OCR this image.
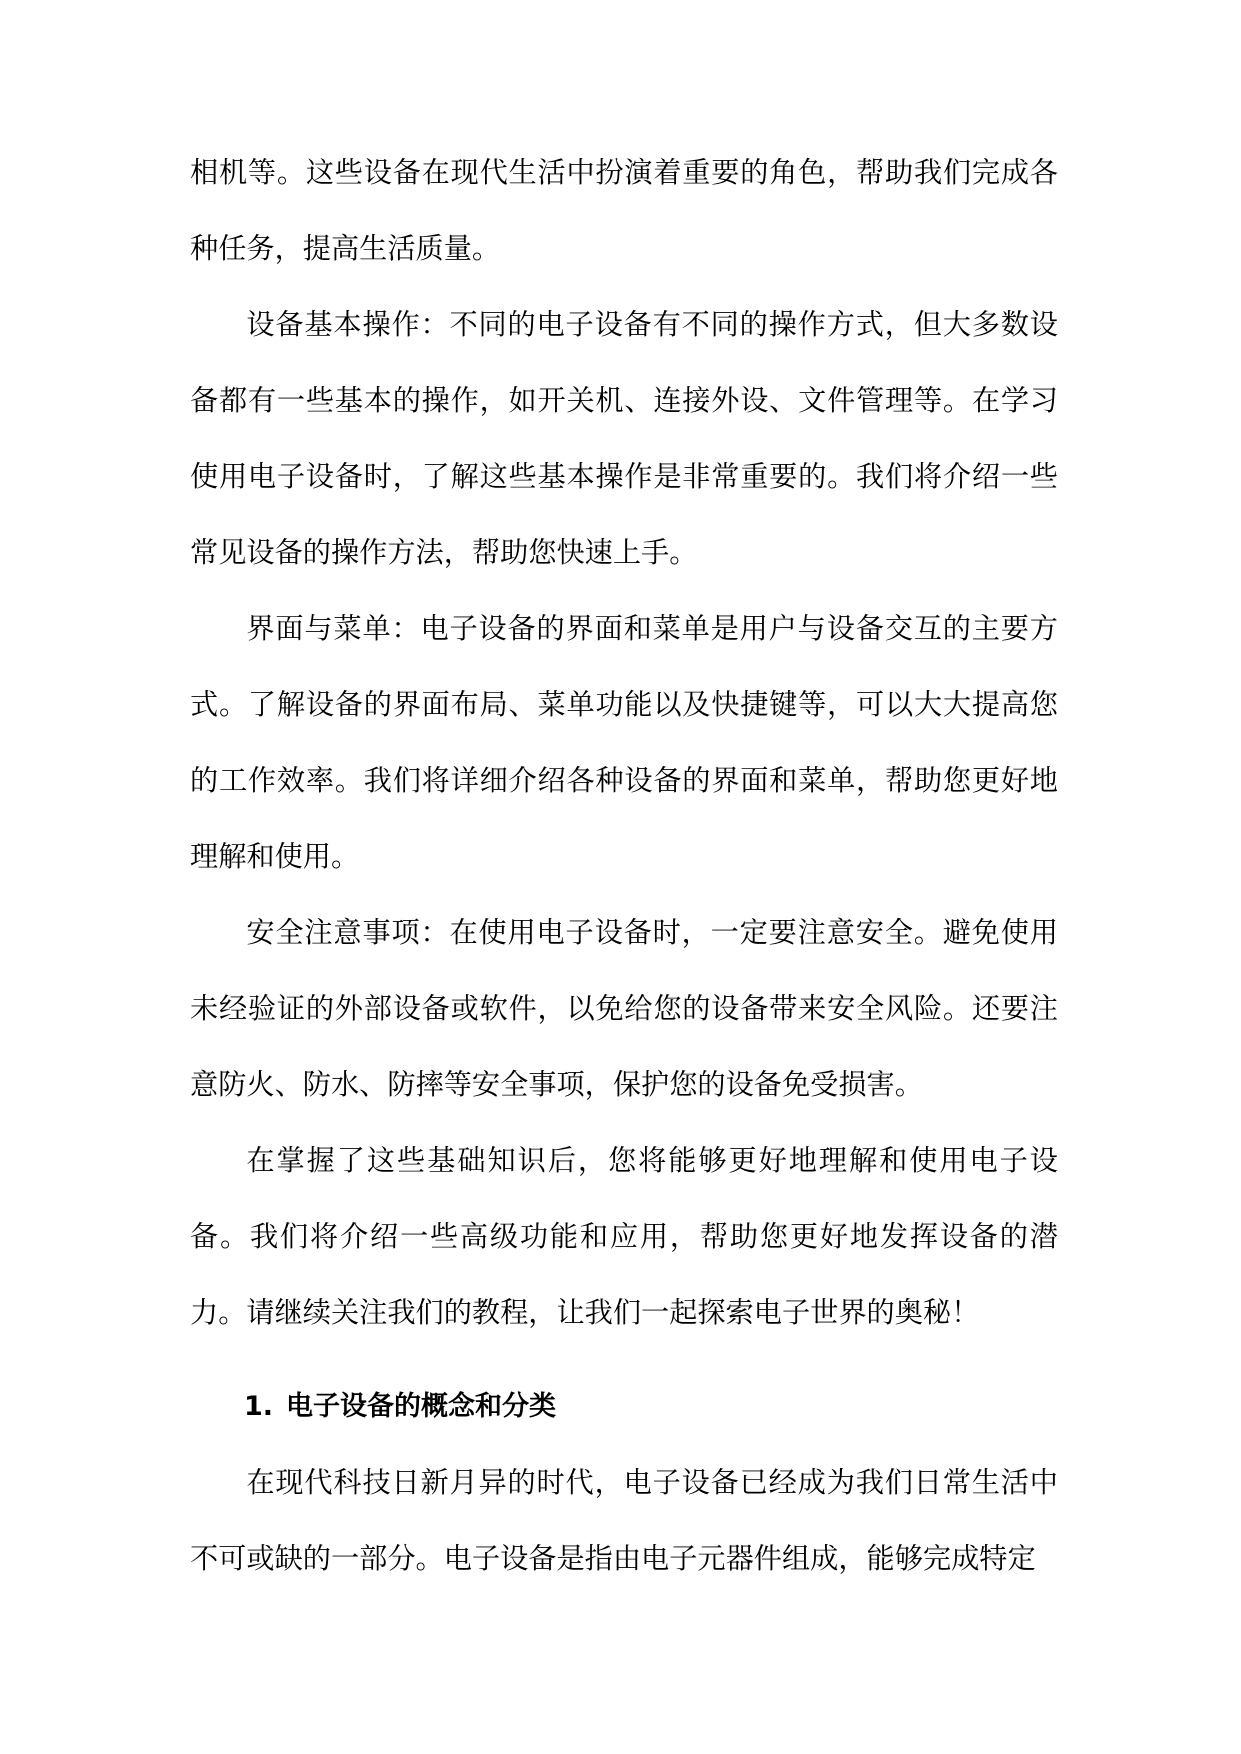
相机等。这些设备在现代生活中扮演着重要的角色，帮助我们完成各种任务，提高生活质量。

设备基本操作：不同的电子设备有不同的操作方式，但大多数设备都有一些基本的操作，如开关机、连接外设、文件管理等。在学习使用电子设备时，了解这些基本操作是非常重要的。我们将介绍一些常见设备的操作方法，帮助您快速上手。

界面与菜单：电子设备的界面和菜单是用户与设备交互的主要方式。了解设备的界面布局、菜单功能以及快捷键等，可以大大提高您的工作效率。我们将详细介绍各种设备的界面和菜单，帮助您更好地理解和使用。

安全注意事项：在使用电子设备时，一定要注意安全。避免使用未经验证的外部设备或软件，以免给您的设备带来安全风险。还要注意防火、防水、防摔等安全事项，保护您的设备免受损害。

在掌握了这些基础知识后，您将能够更好地理解和使用电子设备。我们将介绍一些高级功能和应用，帮助您更好地发挥设备的潜力。请继续关注我们的教程，让我们一起探索电子世界的奥秘！

1. 电子设备的概念和分类

在现代科技日新月异的时代，电子设备已经成为我们日常生活中不可或缺的一部分。电子设备是指由电子元器件组成，能够完成特定
